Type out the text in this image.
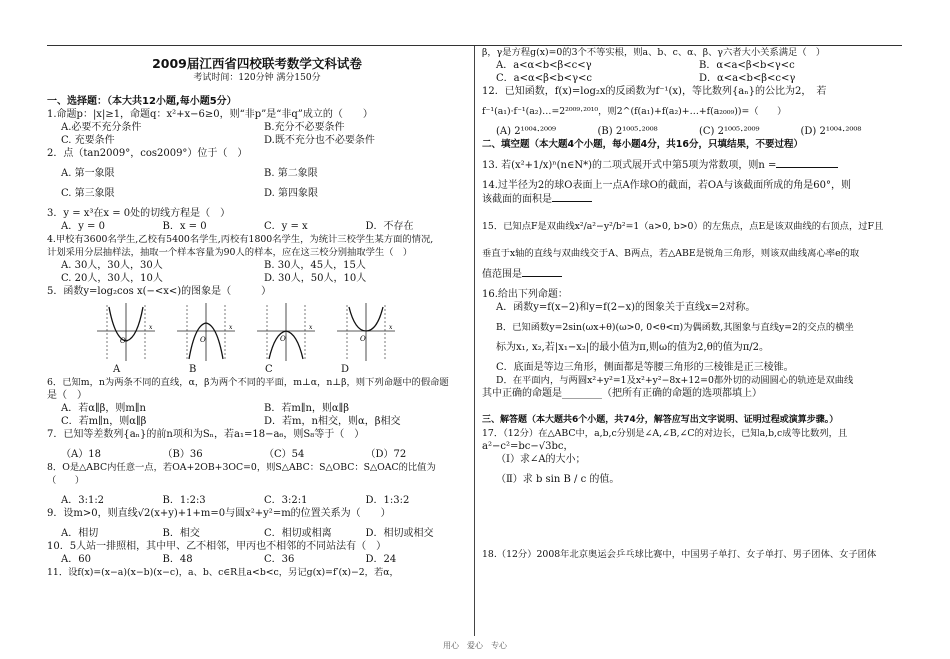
2009届江西省四校联考数学文科试卷
考试时间：120分钟 满分150分
一、选择题：（本大共12小题,每小题5分）

1.命题p：|x|≥1，命题q：x²+x−6≥0，则“非p”是“非q”成立的（　　）

A.必要不充分条件	B.充分不必要条件
C. 充要条件	D.既不充分也不必要条件

2．点（tan2009°，cos2009°）位于（　）

A. 第一象限	B. 第二象限
C. 第三象限	D. 第四象限

3．y = x³在x = 0处的切线方程是（　）

A．y = 0	B．x = 0	C．y = x	D．不存在

4.甲校有3600名学生,乙校有5400名学生,丙校有1800名学生，为统计三校学生某方面的情况,

计划采用分层抽样法，抽取一个样本容量为90人的样本，应在这三校分别抽取学生（　）

A. 30人，30人，30人	B. 30人，45人，15人
C. 20人，30人，10人	D. 30人，50人，10人

5．函数y=log₂cos x(−<x<)的图象是（　　　）

O
x
O
x
O
x
O
x
A	B	C	D

6．已知m，n为两条不同的直线，α，β为两个不同的平面，m⊥α，n⊥β，则下列命题中的假命题

是（　）

A．若α∥β，则m∥n	B．若m∥n，则α∥β
C．若m∥n，则α∥β	D．若m，n相交，则α，β相交

7．已知等差数列{aₙ}的前n项和为Sₙ，若a₁=18−a₆，则S₈等于（　）

（A）18	（B）36	（C）54	（D）72

8．O是△ABC内任意一点，若OA+2OB+3OC=0，则S△ABC：S△OBC：S△OAC的比值为（　　）

A．3:1:2	B．1:2:3	C．3:2:1	D．1:3:2

9．设m>0，则直线√2(x+y)+1+m=0与圆x²+y²=m的位置关系为（　　）

A．相切	B．相交	C．相切或相离	D．相切或相交

10．5人站一排照相，其中甲、乙不相邻，甲丙也不相邻的不同站法有（　）

A．60	B．48	C．36	D．24

11．设f(x)=(x−a)(x−b)(x−c)，a、b、c∈R且a<b<c，另记g(x)=f′(x)−2，若α，

β，γ是方程g(x)=0的3个不等实根，则a、b、c、α、β、γ六者大小关系满足（　）

A．a<α<b<β<c<γ	B．α<a<β<b<γ<c
C．a<α<β<b<γ<c	D．α<a<b<β<c<γ

12．已知函数，f(x)=log₂x的反函数为f⁻¹(x)，等比数列{aₙ}的公比为2，　若

f⁻¹(a₁)·f⁻¹(a₂)…=2²⁰⁰⁹⋅²⁰¹⁰，则2^(f(a₁)+f(a₂)+…+f(a₂₀₀₉))=（　　）

(A) 2¹⁰⁰⁴⋅²⁰⁰⁹	(B) 2¹⁰⁰⁵⋅²⁰⁰⁸	(C) 2¹⁰⁰⁵⋅²⁰⁰⁹	(D) 2¹⁰⁰⁴⋅²⁰⁰⁸
二、填空题（本大题4个小题，每小题4分，共16分，只填结果，不要过程）

13. 若(x²+1/x)ⁿ(n∈N*)的二项式展开式中第5项为常数项，则n =

14.过半径为2的球O表面上一点A作球O的截面，若OA与该截面所成的角是60°，则

该截面的面积是

15．已知点F是双曲线x²/a²−y²/b²=1（a>0, b>0）的左焦点，点E是该双曲线的右顶点，过F且

垂直于x轴的直线与双曲线交于A、B两点，若△ABE是锐角三角形，则该双曲线离心率e的取

值范围是

16.给出下列命题：

A．函数y=f(x−2)和y=f(2−x)的图象关于直线x=2对称。

B．已知函数y=2sin(ωx+θ)(ω>0, 0<θ<π)为偶函数,其图象与直线y=2的交点的横坐

标为x₁, x₂,若|x₁−x₂|的最小值为π,则ω的值为2,θ的值为π/2。

C．底面是等边三角形，侧面都是等腰三角形的三棱锥是正三棱锥。

D．在平面内，与两圆x²+y²=1及x²+y²−8x+12=0都外切的动圆圆心的轨迹是双曲线

其中正确的命题是________（把所有正确的命题的选项都填上）

三、解答题（本大题共6个小题，共74分，解答应写出文字说明、证明过程或演算步骤。）

17．（12分）在△ABC中，a,b,c分别是∠A,∠B,∠C的对边长，已知a,b,c成等比数列，且

a²−c²=bc−√3bc，

（Ⅰ）求∠A的大小；

（Ⅱ）求 b sin B / c 的值。

18.（12分）2008年北京奥运会乒乓球比赛中，中国男子单打、女子单打、男子团体、女子团体

用心　爱心　专心
